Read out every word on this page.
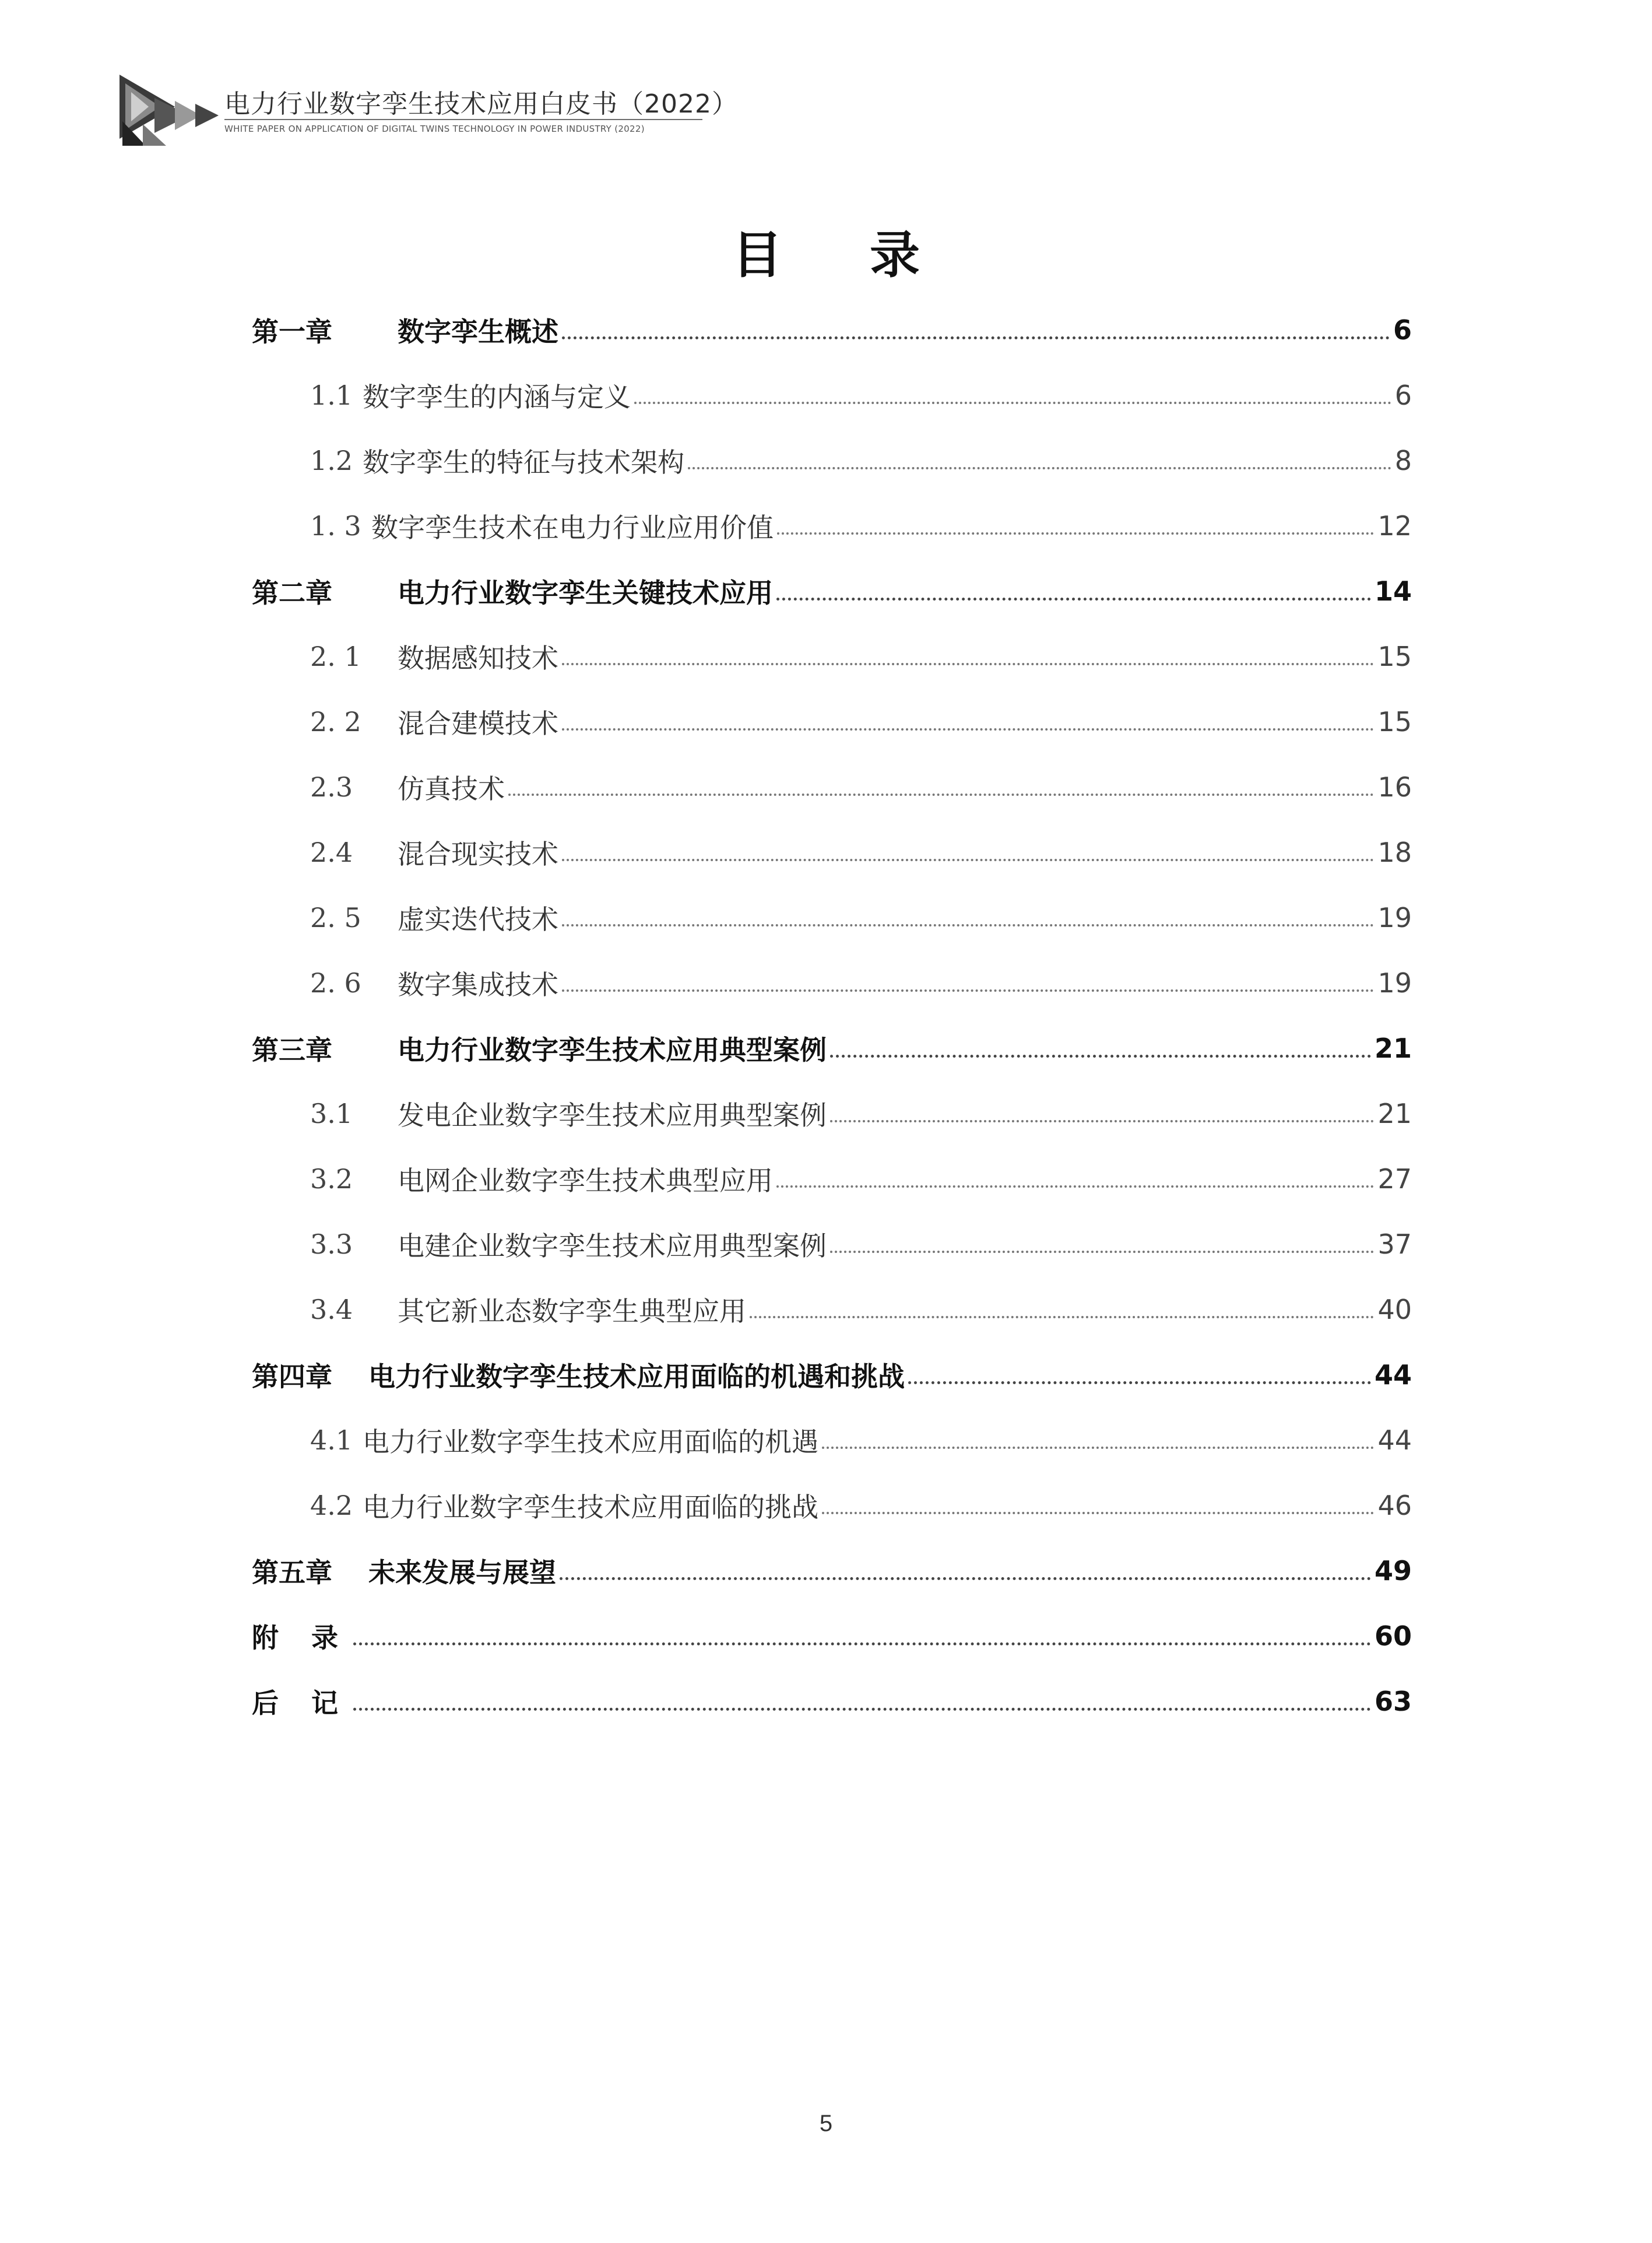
电力行业数字孪生技术应用白皮书（2022）
WHITE PAPER ON APPLICATION OF DIGITAL TWINS TECHNOLOGY IN POWER INDUSTRY (2022)
目 录
第一章	数字孪生概述	6
1.1 数字孪生的内涵与定义	6
1.2 数字孪生的特征与技术架构	8
1. 3 数字孪生技术在电力行业应用价值	12
第二章	电力行业数字孪生关键技术应用	14
2. 1	数据感知技术	15
2. 2	混合建模技术	15
2.3	仿真技术	16
2.4	混合现实技术	18
2. 5	虚实迭代技术	19
2. 6	数字集成技术	19
第三章	电力行业数字孪生技术应用典型案例	21
3.1	发电企业数字孪生技术应用典型案例	21
3.2	电网企业数字孪生技术典型应用	27
3.3	电建企业数字孪生技术应用典型案例	37
3.4	其它新业态数字孪生典型应用	40
第四章	电力行业数字孪生技术应用面临的机遇和挑战	44
4.1 电力行业数字孪生技术应用面临的机遇	44
4.2 电力行业数字孪生技术应用面临的挑战	46
第五章	未来发展与展望	49
附 录	60
后 记	63
5
